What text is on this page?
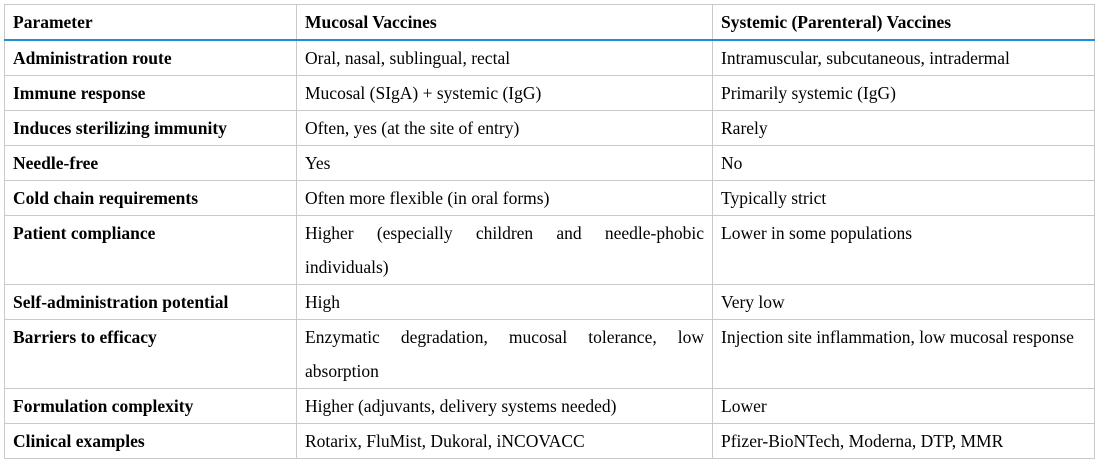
Parameter	Mucosal Vaccines	Systemic (Parenteral) Vaccines
Administration route	Oral, nasal, sublingual, rectal	Intramuscular, subcutaneous, intradermal
Immune response	Mucosal (SIgA) + systemic (IgG)	Primarily systemic (IgG)
Induces sterilizing immunity	Often, yes (at the site of entry)	Rarely
Needle-free	Yes	No
Cold chain requirements	Often more flexible (in oral forms)	Typically strict
Patient compliance	Higher (especially children and needle-phobic individuals)	Lower in some populations
Self-administration potential	High	Very low
Barriers to efficacy	Enzymatic degradation, mucosal tolerance, low absorption	Injection site inflammation, low mucosal response
Formulation complexity	Higher (adjuvants, delivery systems needed)	Lower
Clinical examples	Rotarix, FluMist, Dukoral, iNCOVACC	Pfizer-BioNTech, Moderna, DTP, MMR
